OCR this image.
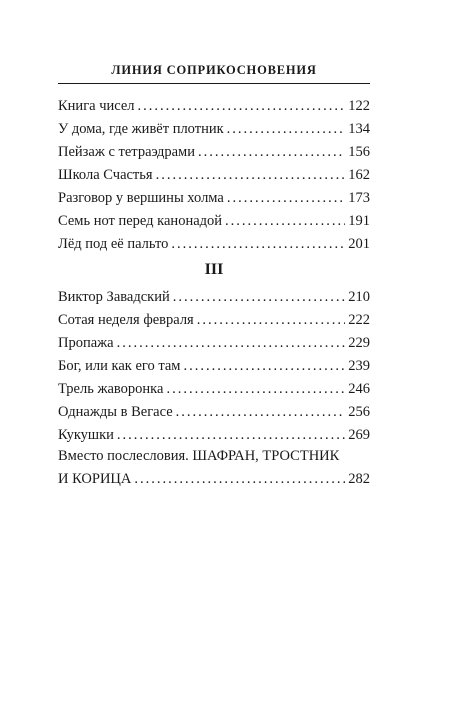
ЛИНИЯ СОПРИКОСНОВЕНИЯ
Книга чисел .....	122
У дома, где живёт плотник .....	134
Пейзаж с тетраэдрами .....	156
Школа Счастья .....	162
Разговор у вершины холма .....	173
Семь нот перед канонадой .....	191
Лёд под её пальто .....	201
III
Виктор Завадский .....	210
Сотая неделя февраля .....	222
Пропажа .....	229
Бог, или как его там .....	239
Трель жаворонка .....	246
Однажды в Вегасе .....	256
Кукушки .....	269
Вместо послесловия. ШАФРАН, ТРОСТНИК
И КОРИЦА .....	282
